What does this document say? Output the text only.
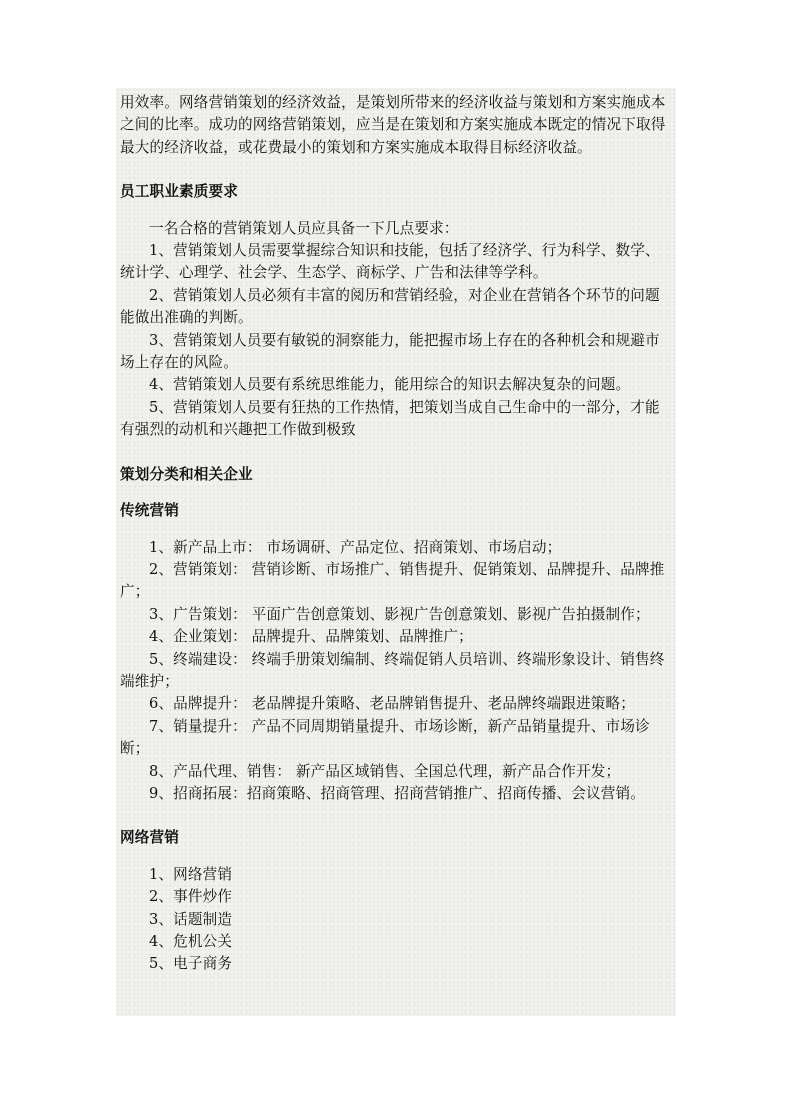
用效率。网络营销策划的经济效益，是策划所带来的经济收益与策划和方案实施成本之间的比率。成功的网络营销策划，应当是在策划和方案实施成本既定的情况下取得最大的经济收益，或花费最小的策划和方案实施成本取得目标经济收益。

员工职业素质要求

一名合格的营销策划人员应具备一下几点要求：

1、营销策划人员需要掌握综合知识和技能，包括了经济学、行为科学、数学、统计学、心理学、社会学、生态学、商标学、广告和法律等学科。

2、营销策划人员必须有丰富的阅历和营销经验，对企业在营销各个环节的问题能做出准确的判断。

3、营销策划人员要有敏锐的洞察能力，能把握市场上存在的各种机会和规避市场上存在的风险。

4、营销策划人员要有系统思维能力，能用综合的知识去解决复杂的问题。

5、营销策划人员要有狂热的工作热情，把策划当成自己生命中的一部分，才能有强烈的动机和兴趣把工作做到极致

策划分类和相关企业

传统营销

1、新产品上市： 市场调研、产品定位、招商策划、市场启动；

2、营销策划： 营销诊断、市场推广、销售提升、促销策划、品牌提升、品牌推广；

3、广告策划： 平面广告创意策划、影视广告创意策划、影视广告拍摄制作；

4、企业策划： 品牌提升、品牌策划、品牌推广；

5、终端建设： 终端手册策划编制、终端促销人员培训、终端形象设计、销售终端维护；

6、品牌提升： 老品牌提升策略、老品牌销售提升、老品牌终端跟进策略；

7、销量提升： 产品不同周期销量提升、市场诊断，新产品销量提升、市场诊断；

8、产品代理、销售： 新产品区域销售、全国总代理，新产品合作开发；

9、招商拓展：招商策略、招商管理、招商营销推广、招商传播、会议营销。

网络营销

1、网络营销

2、事件炒作

3、话题制造

4、危机公关

5、电子商务
